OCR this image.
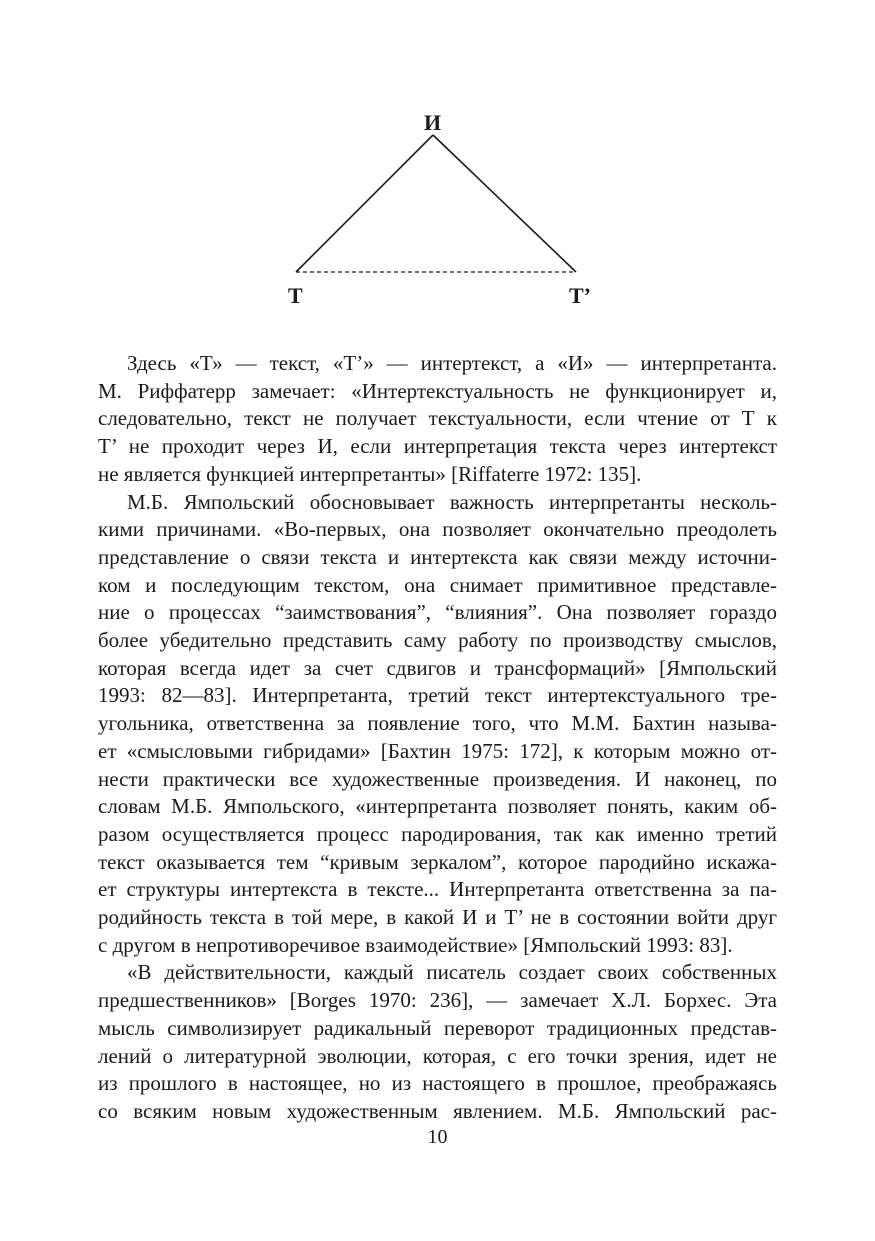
И
Т	Т’
Здесь «Т» — текст, «Т’» — интертекст, а «И» — интерпретанта.
М. Риффатерр замечает: «Интертекстуальность не функционирует и,
следовательно, текст не получает текстуальности, если чтение от Т к
Т’ не проходит через И, если интерпретация текста через интертекст
не является функцией интерпретанты» [Riffaterre 1972: 135].
М.Б. Ямпольский обосновывает важность интерпретанты несколь-
кими причинами. «Во-первых, она позволяет окончательно преодолеть
представление о связи текста и интертекста как связи между источни-
ком и последующим текстом, она снимает примитивное представле-
ние о процессах “заимствования”, “влияния”. Она позволяет гораздо
более убедительно представить саму работу по производству смыслов,
которая всегда идет за счет сдвигов и трансформаций» [Ямпольский
1993: 82—83]. Интерпретанта, третий текст интертекстуального тре-
угольника, ответственна за появление того, что М.М. Бахтин называ-
ет «смысловыми гибридами» [Бахтин 1975: 172], к которым можно от-
нести практически все художественные произведения. И наконец, по
словам М.Б. Ямпольского, «интерпретанта позволяет понять, каким об-
разом осуществляется процесс пародирования, так как именно третий
текст оказывается тем “кривым зеркалом”, которое пародийно искажа-
ет структуры интертекста в тексте... Интерпретанта ответственна за па-
родийность текста в той мере, в какой И и Т’ не в состоянии войти друг
с другом в непротиворечивое взаимодействие» [Ямпольский 1993: 83].
«В действительности, каждый писатель создает своих собственных
предшественников» [Borges 1970: 236], — замечает Х.Л. Борхес. Эта
мысль символизирует радикальный переворот традиционных представ-
лений о литературной эволюции, которая, с его точки зрения, идет не
из прошлого в настоящее, но из настоящего в прошлое, преображаясь
со всяким новым художественным явлением. М.Б. Ямпольский рас-
10
